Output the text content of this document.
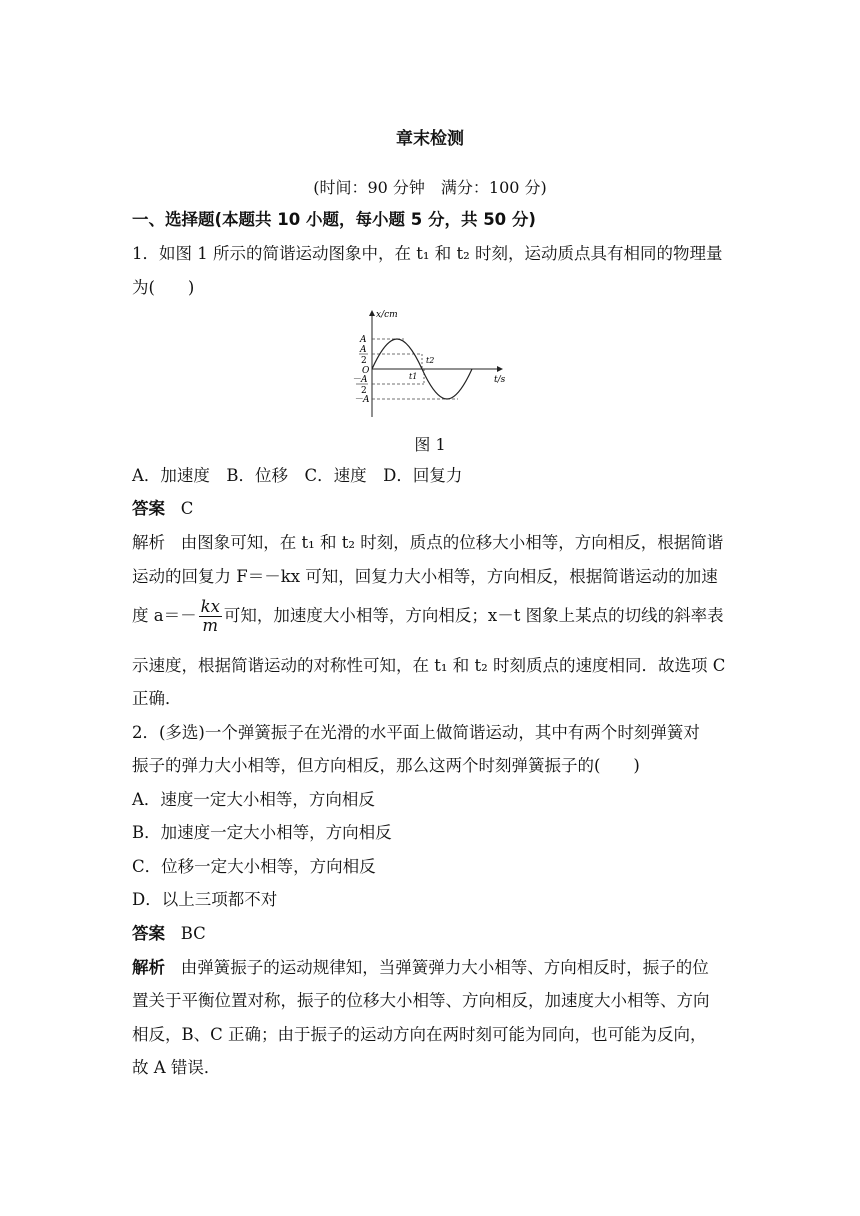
章末检测
(时间：90 分钟　满分：100 分)
一、选择题(本题共 10 小题，每小题 5 分，共 50 分)
1．如图 1 所示的简谐运动图象中，在 t₁ 和 t₂ 时刻，运动质点具有相同的物理量
为(　　)
x/cm
t/s
A
A
2
O
－A
2
－A
t2
t1
图 1
A．加速度　B．位移　C．速度　D．回复力
答案 C
解析 由图象可知，在 t₁ 和 t₂ 时刻，质点的位移大小相等，方向相反，根据简谐
运动的回复力 F＝－kx 可知，回复力大小相等，方向相反，根据简谐运动的加速
度 $a=- \frac{kx}{m}$ 可知，加速度大小相等，方向相反；x－t 图象上某点的切线的斜率表
示速度，根据简谐运动的对称性可知，在 t₁ 和 t₂ 时刻质点的速度相同．故选项 C
正确．
2．(多选)一个弹簧振子在光滑的水平面上做简谐运动，其中有两个时刻弹簧对
振子的弹力大小相等，但方向相反，那么这两个时刻弹簧振子的(　　)
A．速度一定大小相等，方向相反
B．加速度一定大小相等，方向相反
C．位移一定大小相等，方向相反
D．以上三项都不对
答案 BC
解析 由弹簧振子的运动规律知，当弹簧弹力大小相等、方向相反时，振子的位
置关于平衡位置对称，振子的位移大小相等、方向相反，加速度大小相等、方向
相反，B、C 正确；由于振子的运动方向在两时刻可能为同向，也可能为反向，
故 A 错误．
